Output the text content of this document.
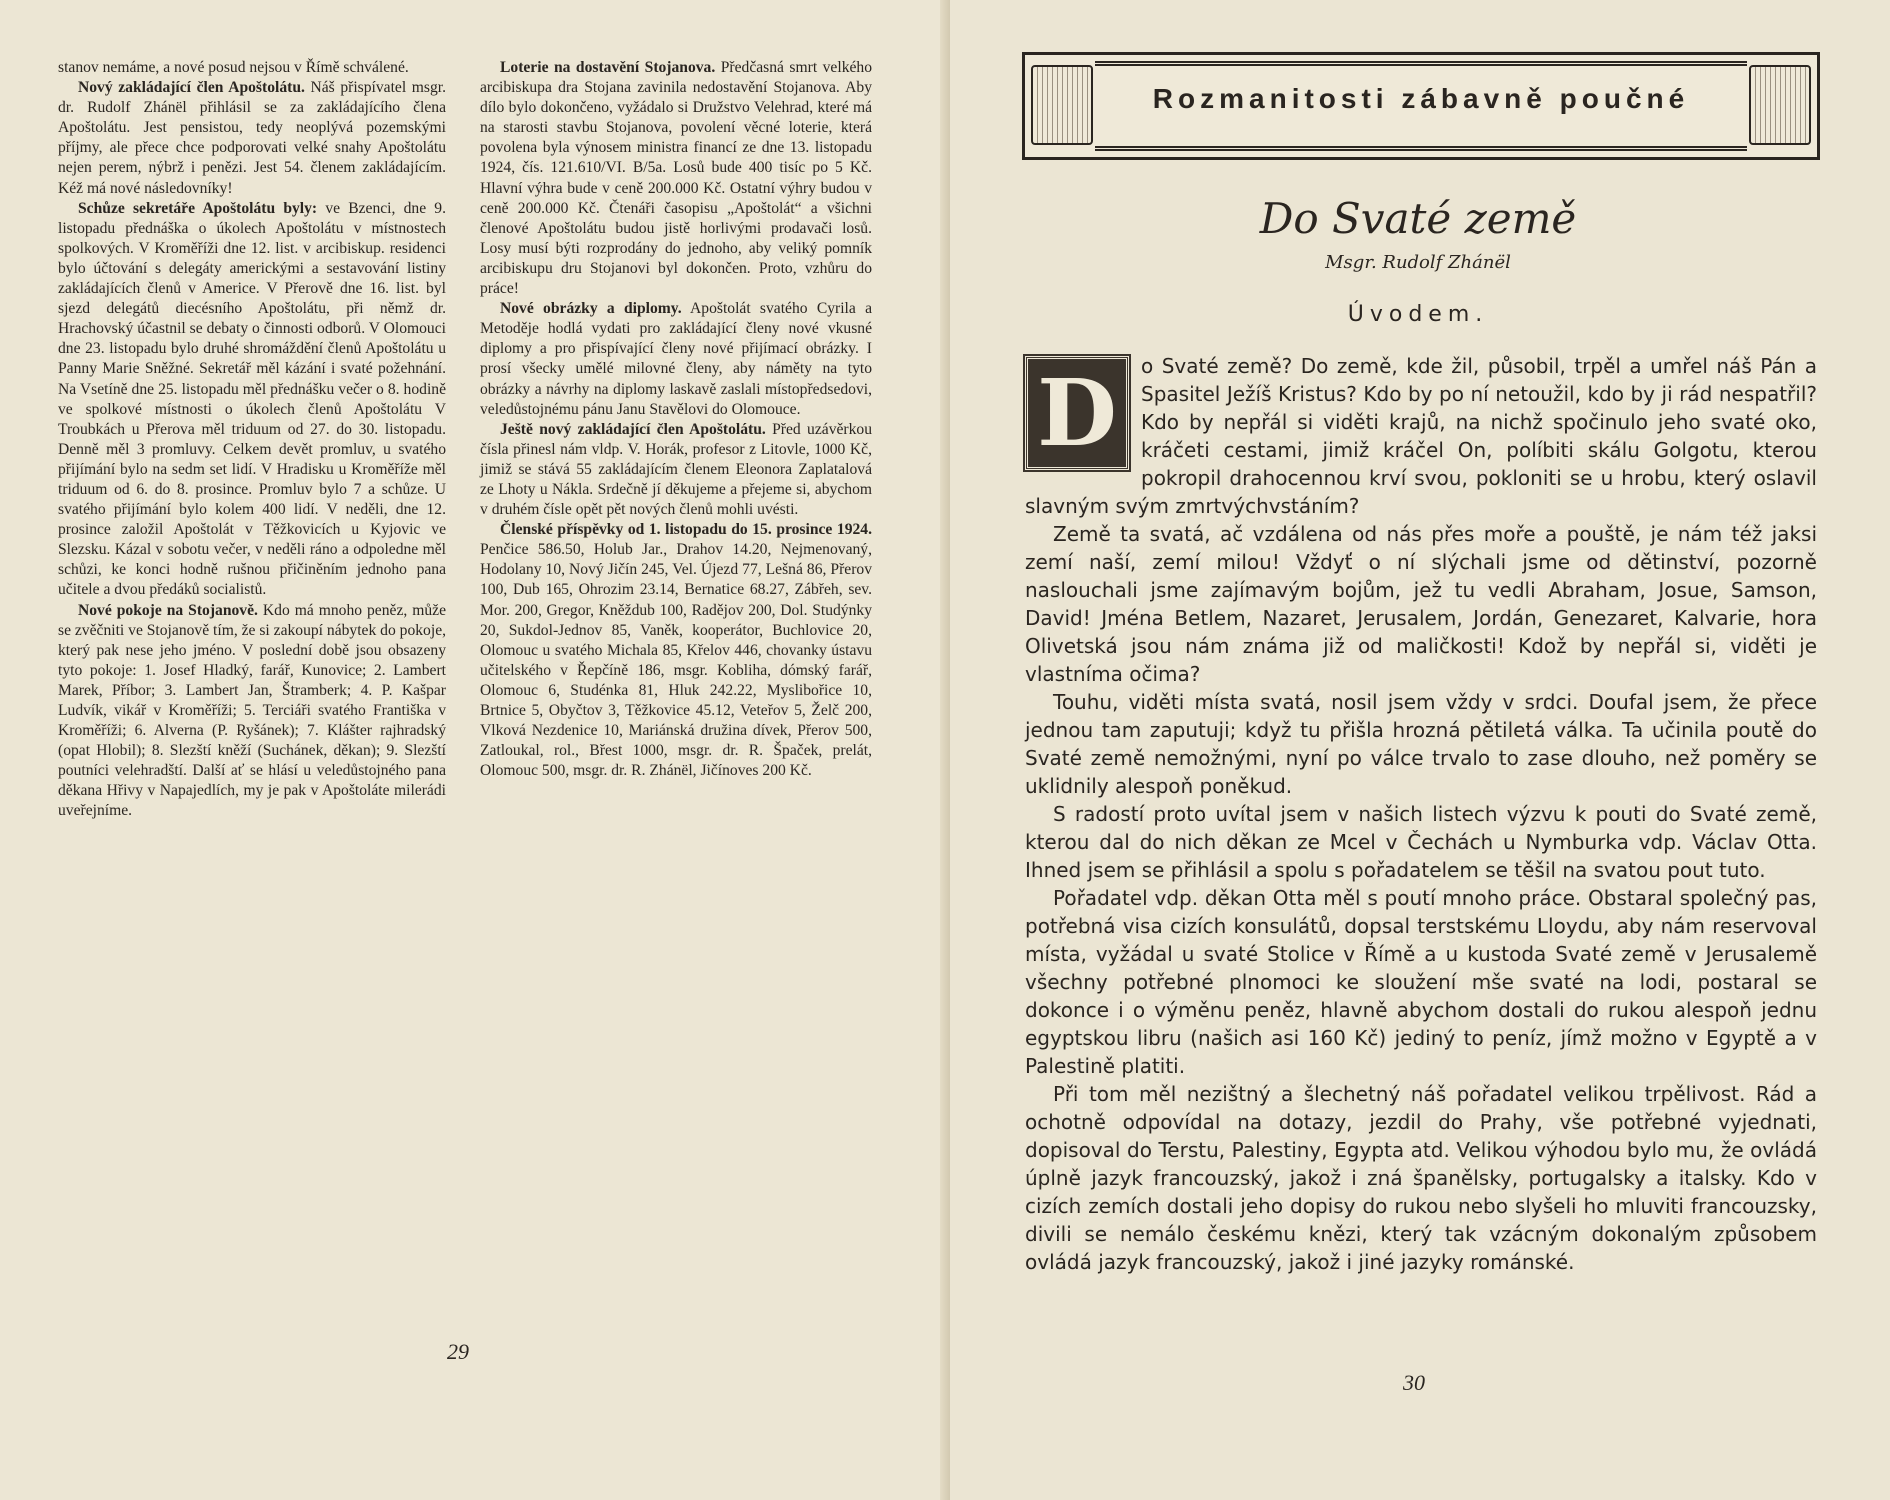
stanov nemáme, a nové posud nejsou v Římě schválené.

Nový zakládající člen Apoštolátu. Náš přispívatel msgr. dr. Rudolf Zhánël přihlásil se za zakládajícího člena Apoštolátu. Jest pensistou, tedy neoplývá pozemskými příjmy, ale přece chce podporovati velké snahy Apoštolátu nejen perem, nýbrž i penězi. Jest 54. členem zakládajícím. Kéž má nové následovníky!

Schůze sekretáře Apoštolátu byly: ve Bzenci, dne 9. listopadu přednáška o úkolech Apoštolátu v místnostech spolkových. V Kroměříži dne 12. list. v arcibiskup. residenci bylo účtování s delegáty americkými a sestavování listiny zakládajících členů v Americe. V Přerově dne 16. list. byl sjezd delegátů diecésního Apoštolátu, při němž dr. Hrachovský účastnil se debaty o činnosti odborů. V Olomouci dne 23. listopadu bylo druhé shromáždění členů Apoštolátu u Panny Marie Sněžné. Sekretář měl kázání i svaté požehnání. Na Vsetíně dne 25. listopadu měl přednášku večer o 8. hodině ve spolkové místnosti o úkolech členů Apoštolátu V Troubkách u Přerova měl triduum od 27. do 30. listopadu. Denně měl 3 promluvy. Celkem devět promluv, u svatého přijímání bylo na sedm set lidí. V Hradisku u Kroměříže měl triduum od 6. do 8. prosince. Promluv bylo 7 a schůze. U svatého přijímání bylo kolem 400 lidí. V neděli, dne 12. prosince založil Apoštolát v Těžkovicích u Kyjovic ve Slezsku. Kázal v sobotu večer, v neděli ráno a odpoledne měl schůzi, ke konci hodně rušnou přičiněním jednoho pana učitele a dvou předáků socialistů.

Nové pokoje na Stojanově. Kdo má mnoho peněz, může se zvěčniti ve Stojanově tím, že si zakoupí nábytek do pokoje, který pak nese jeho jméno. V poslední době jsou obsazeny tyto pokoje: 1. Josef Hladký, farář, Kunovice; 2. Lambert Marek, Příbor; 3. Lambert Jan, Štramberk; 4. P. Kašpar Ludvík, vikář v Kroměříži; 5. Terciáři svatého Františka v Kroměříži; 6. Alverna (P. Ryšánek); 7. Klášter rajhradský (opat Hlobil); 8. Slezští kněží (Suchánek, děkan); 9. Slezští poutníci velehradští. Další ať se hlásí u veledůstojného pana děkana Hřivy v Napajedlích, my je pak v Apoštoláte milerádi uveřejníme.

Loterie na dostavění Stojanova. Předčasná smrt velkého arcibiskupa dra Stojana zavinila nedostavění Stojanova. Aby dílo bylo dokončeno, vyžádalo si Družstvo Velehrad, které má na starosti stavbu Stojanova, povolení věcné loterie, která povolena byla výnosem ministra financí ze dne 13. listopadu 1924, čís. 121.610/VI. B/5a. Losů bude 400 tisíc po 5 Kč. Hlavní výhra bude v ceně 200.000 Kč. Ostatní výhry budou v ceně 200.000 Kč. Čtenáři časopisu „Apoštolát“ a všichni členové Apoštolátu budou jistě horlivými prodavači losů. Losy musí býti rozprodány do jednoho, aby veliký pomník arcibiskupu dru Stojanovi byl dokončen. Proto, vzhůru do práce!

Nové obrázky a diplomy. Apoštolát svatého Cyrila a Metoděje hodlá vydati pro zakládající členy nové vkusné diplomy a pro přispívající členy nové přijímací obrázky. I prosí všecky umělé milovné členy, aby náměty na tyto obrázky a návrhy na diplomy laskavě zaslali místopředsedovi, veledůstojnému pánu Janu Stavělovi do Olomouce.

Ještě nový zakládající člen Apoštolátu. Před uzávěrkou čísla přinesl nám vldp. V. Horák, profesor z Litovle, 1000 Kč, jimiž se stává 55 zakládajícím členem Eleonora Zaplatalová ze Lhoty u Náklа. Srdečně jí děkujeme a přejeme si, abychom v druhém čísle opět pět nových členů mohli uvésti.

Členské příspěvky od 1. listopadu do 15. prosince 1924. Penčice 586.50, Holub Jar., Drahov 14.20, Nejmenovaný, Hodolany 10, Nový Jičín 245, Vel. Újezd 77, Lešná 86, Přerov 100, Dub 165, Ohrozim 23.14, Bernatice 68.27, Zábřeh, sev. Mor. 200, Gregor, Kněždub 100, Radějov 200, Dol. Studýnky 20, Sukdol-Jednov 85, Vaněk, kooperátor, Buchlovice 20, Olomouc u svatého Michala 85, Křelov 446, chovanky ústavu učitelského v Řepčíně 186, msgr. Kobliha, dómský farář, Olomouc 6, Studénka 81, Hluk 242.22, Myslibořice 10, Brtnice 5, Obyčtov 3, Těžkovice 45.12, Veteřov 5, Želč 200, Vlková Nezdenice 10, Mariánská družina dívek, Přerov 500, Zatloukal, rol., Břest 1000, msgr. dr. R. Špaček, prelát, Olomouc 500, msgr. dr. R. Zhánël, Jičínoves 200 Kč.

29
Rozmanitosti zábavně poučné
Do Svaté země
Msgr. Rudolf Zhánël
Úvodem.

D	o Svaté země? Do země, kde žil, působil, trpěl a umřel náš Pán a Spasitel Ježíš Kristus? Kdo by po ní netoužil, kdo by ji rád nespatřil? Kdo by nepřál si viděti krajů, na nichž spočinulo jeho svaté oko, kráčeti cestami, jimiž kráčel On, políbiti skálu Golgotu, kterou pokropil drahocennou krví svou, pokloniti se u hrobu, který oslavil slavným svým zmrtvýchvstáním?

Země ta svatá, ač vzdálena od nás přes moře a pouště, je nám též jaksi zemí naší, zemí milou! Vždyť o ní slýchali jsme od dětinství, pozorně naslouchali jsme zajímavým bojům, jež tu vedli Abraham, Josue, Samson, David! Jména Betlem, Nazaret, Jerusalem, Jordán, Genezaret, Kalvarie, hora Olivetská jsou nám známa již od maličkosti! Kdož by nepřál si, viděti je vlastníma očima?

Touhu, viděti místa svatá, nosil jsem vždy v srdci. Doufal jsem, že přece jednou tam zaputuji; když tu přišla hrozná pětiletá válka. Ta učinila poutě do Svaté země nemožnými, nyní po válce trvalo to zase dlouho, než poměry se uklidnily alespoň poněkud.

S radostí proto uvítal jsem v našich listech výzvu k pouti do Svaté země, kterou dal do nich děkan ze Mcel v Čechách u Nymburka vdp. Václav Otta. Ihned jsem se přihlásil a spolu s pořadatelem se těšil na svatou pout tuto.

Pořadatel vdp. děkan Otta měl s poutí mnoho práce. Obstaral společný pas, potřebná visa cizích konsulátů, dopsal terstskému Lloydu, aby nám reservoval místa, vyžádal u svaté Stolice v Římě a u kustoda Svaté země v Jerusalemě všechny potřebné plnomoci ke sloužení mše svaté na lodi, postaral se dokonce i o výměnu peněz, hlavně abychom dostali do rukou alespoň jednu egyptskou libru (našich asi 160 Kč) jediný to peníz, jímž možno v Egyptě a v Palestině platiti.

Při tom měl nezištný a šlechetný náš pořadatel velikou trpělivost. Rád a ochotně odpovídal na dotazy, jezdil do Prahy, vše potřebné vyjednati, dopisoval do Terstu, Palestiny, Egypta atd. Velikou výhodou bylo mu, že ovládá úplně jazyk francouzský, jakož i zná španělsky, portugalsky a italsky. Kdo v cizích zemích dostali jeho dopisy do rukou nebo slyšeli ho mluviti francouzsky, divili se nemálo českému knězi, který tak vzácným dokonalým způsobem ovládá jazyk francouzský, jakož i jiné jazyky románské.

30
